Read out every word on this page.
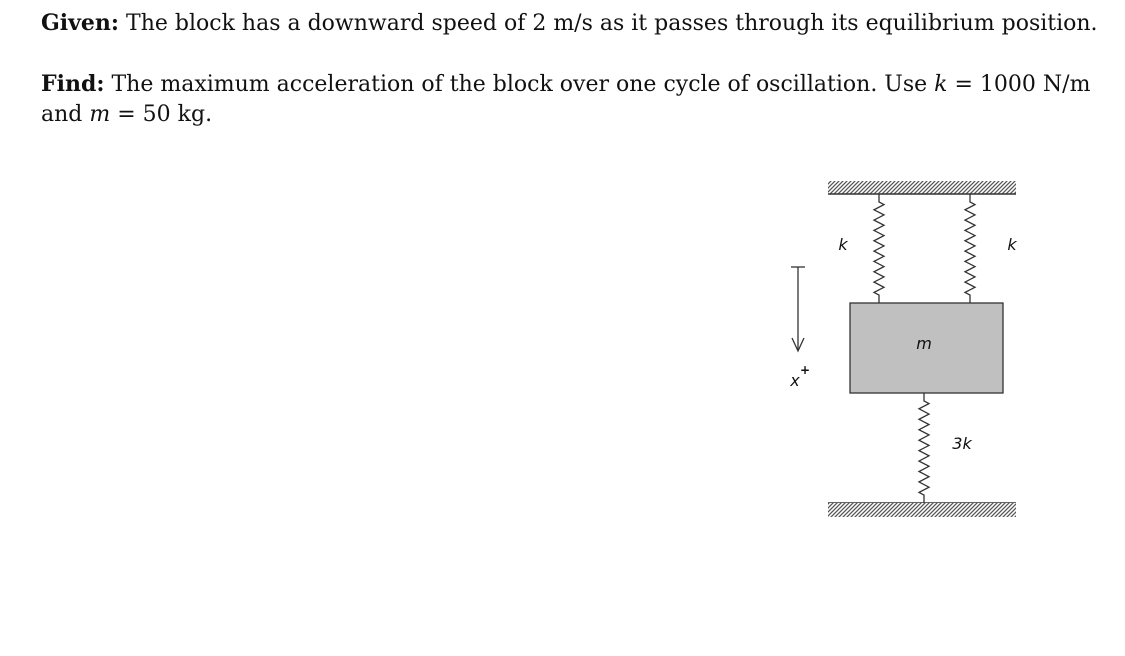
Given: The block has a downward speed of 2 m/s as it passes through its equilibrium position.

Find: The maximum acceleration of the block over one cycle of oscillation. Use k = 1000 N/m and m = 50 kg.

m
k	k
3k
x
+
